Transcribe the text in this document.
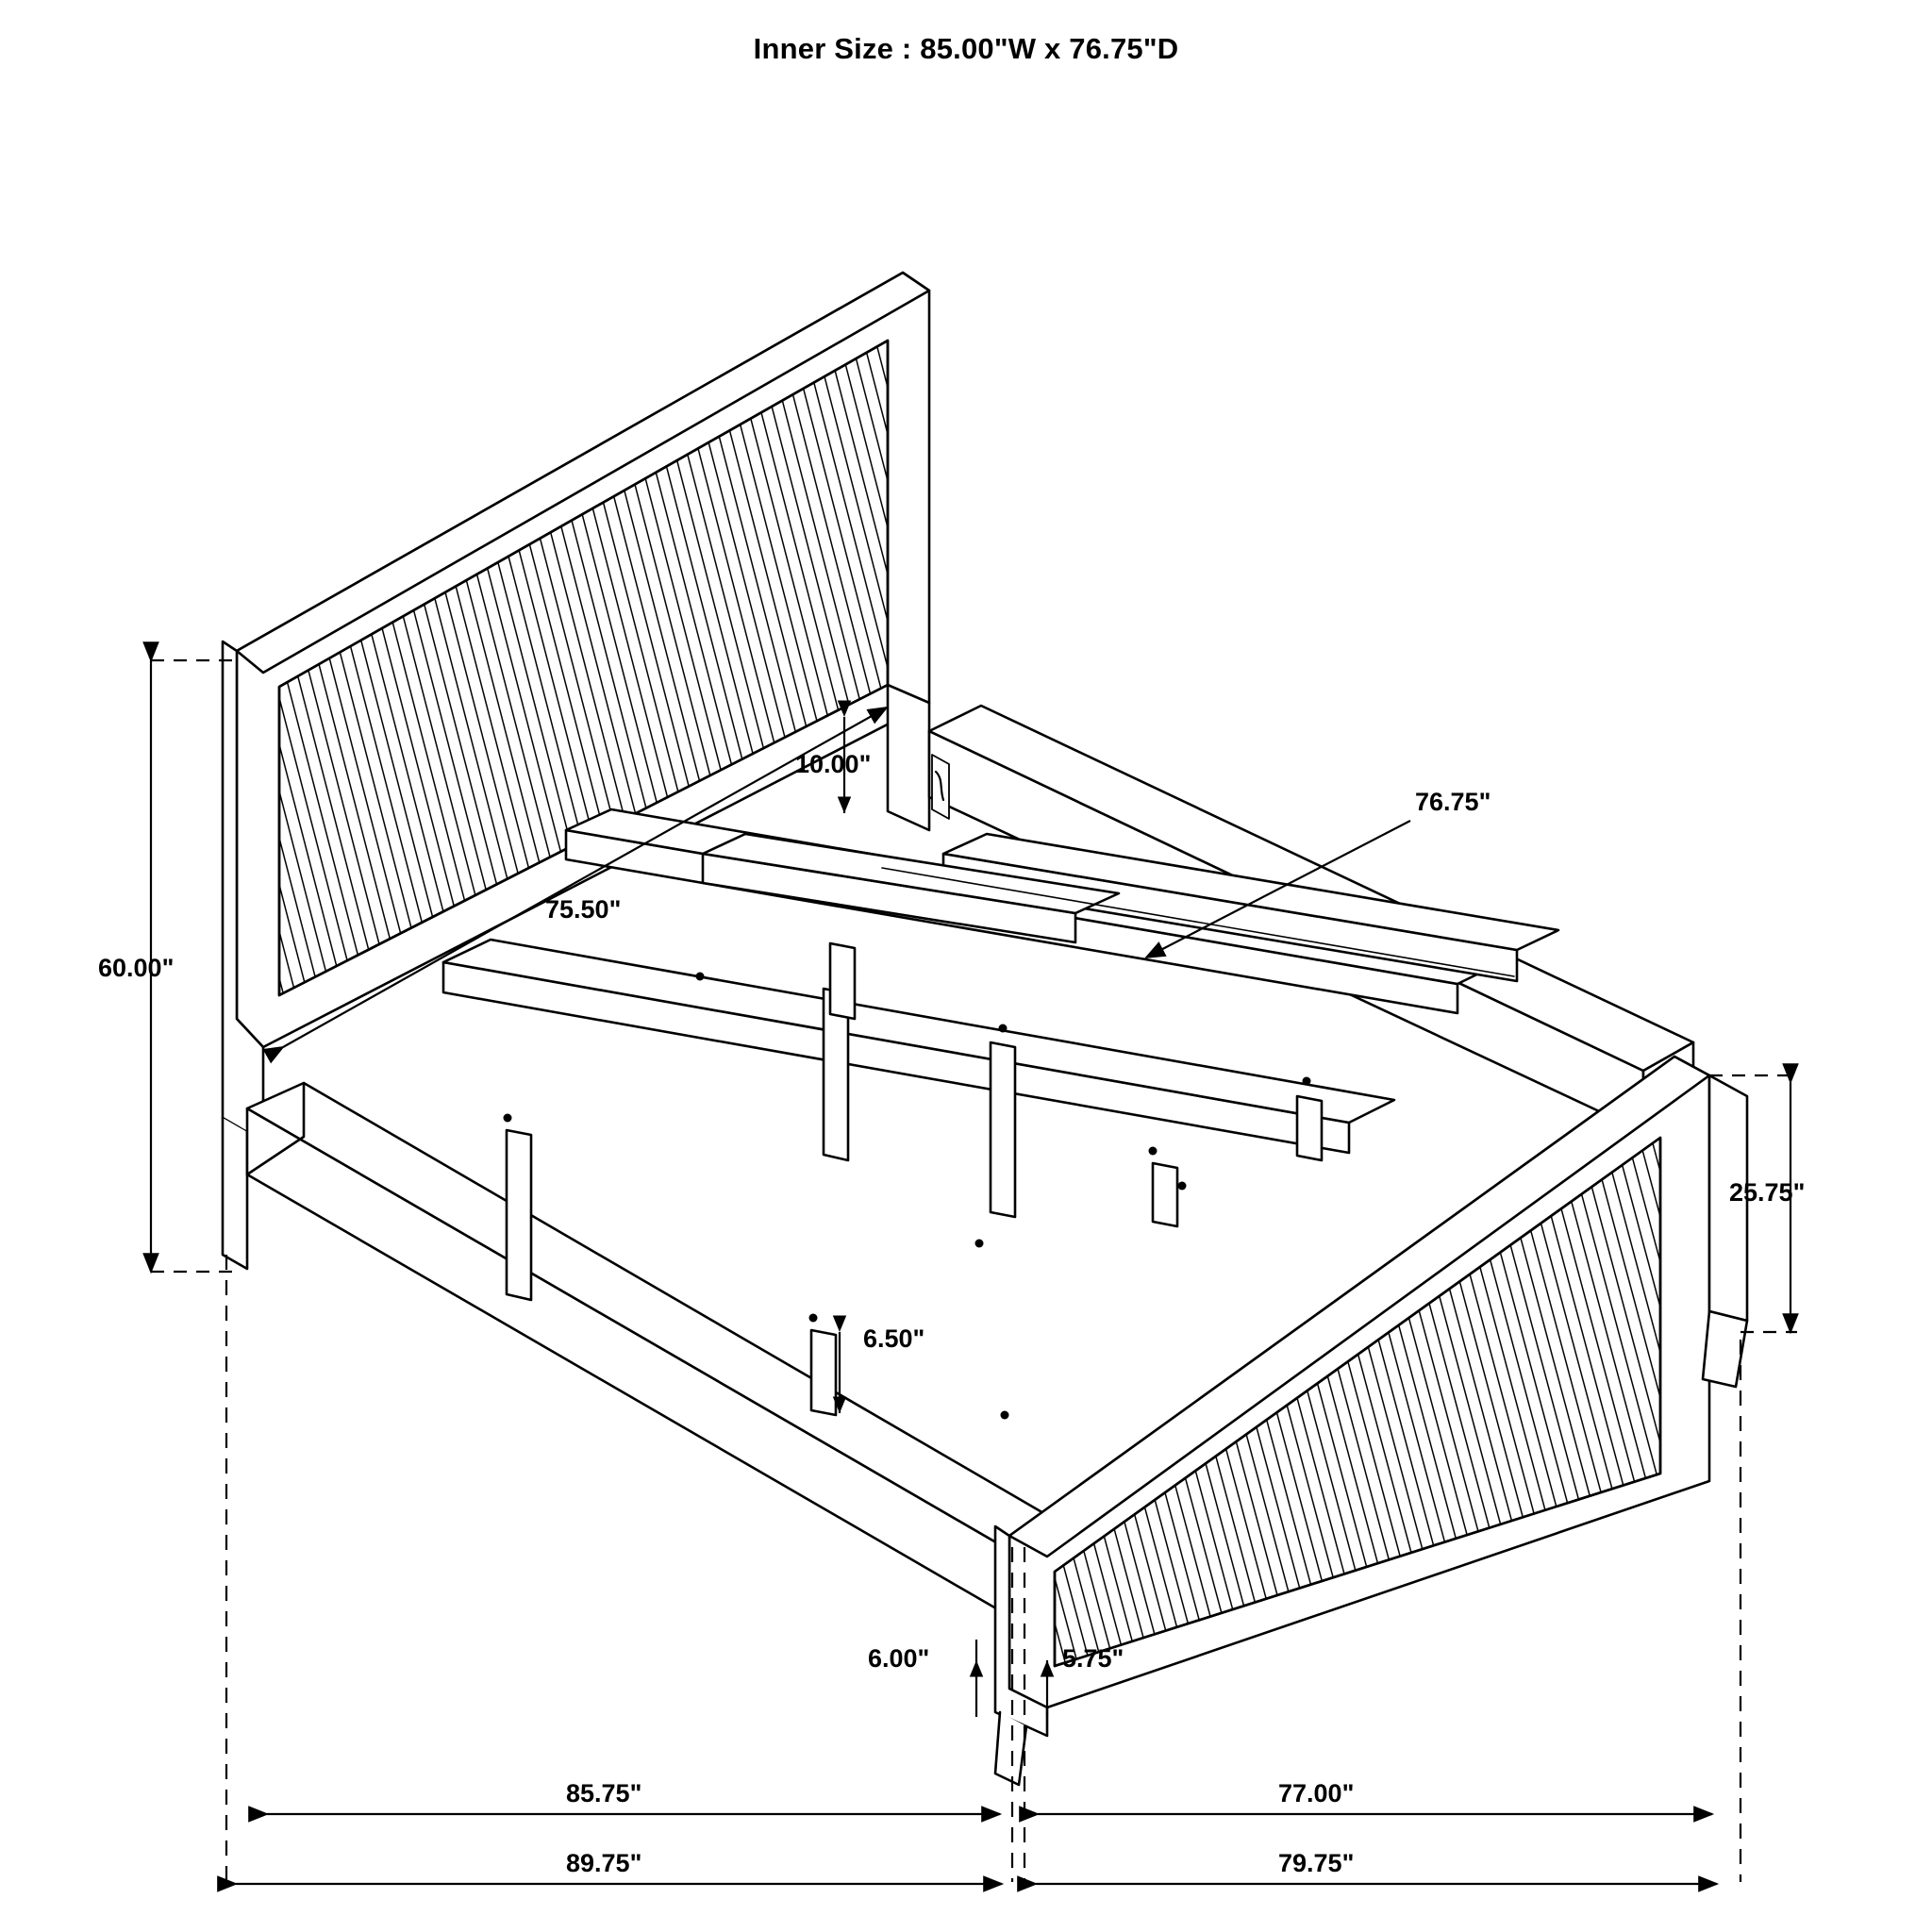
Inner Size : 85.00"W x 76.75"D
60.00"
10.00"
75.50"
76.75"
25.75"
6.50"
6.00"	5.75"
85.75"	77.00"
89.75"	79.75"
